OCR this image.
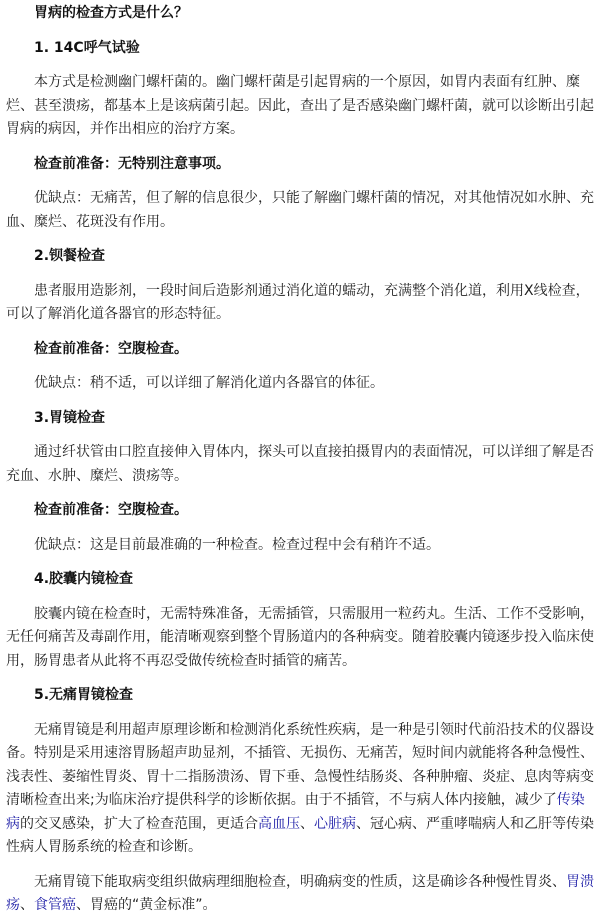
胃病的检查方式是什么？

1. 14C呼气试验

本方式是检测幽门螺杆菌的。幽门螺杆菌是引起胃病的一个原因，如胃内表面有红肿、糜烂、甚至溃疡，都基本上是该病菌引起。因此，查出了是否感染幽门螺杆菌，就可以诊断出引起胃病的病因，并作出相应的治疗方案。

检查前准备：无特别注意事项。

优缺点：无痛苦，但了解的信息很少，只能了解幽门螺杆菌的情况，对其他情况如水肿、充血、糜烂、花斑没有作用。

2.钡餐检查

患者服用造影剂，一段时间后造影剂通过消化道的蠕动，充满整个消化道，利用X线检查，可以了解消化道各器官的形态特征。

检查前准备：空腹检查。

优缺点：稍不适，可以详细了解消化道内各器官的体征。

3.胃镜检查

通过纤状管由口腔直接伸入胃体内，探头可以直接拍摄胃内的表面情况，可以详细了解是否充血、水肿、糜烂、溃疡等。

检查前准备：空腹检查。

优缺点：这是目前最准确的一种检查。检查过程中会有稍许不适。

4.胶囊内镜检查

胶囊内镜在检查时，无需特殊准备，无需插管，只需服用一粒药丸。生活、工作不受影响，无任何痛苦及毒副作用，能清晰观察到整个胃肠道内的各种病变。随着胶囊内镜逐步投入临床使用，肠胃患者从此将不再忍受做传统检查时插管的痛苦。

5.无痛胃镜检查

无痛胃镜是利用超声原理诊断和检测消化系统性疾病，是一种是引领时代前沿技术的仪器设备。特别是采用速溶胃肠超声助显剂，不插管、无损伤、无痛苦，短时间内就能将各种急慢性、浅表性、萎缩性胃炎、胃十二指肠溃汤、胃下垂、急慢性结肠炎、各种肿瘤、炎症、息肉等病变清晰检查出来;为临床治疗提供科学的诊断依据。由于不插管，不与病人体内接触，减少了传染病的交叉感染，扩大了检查范围，更适合高血压、心脏病、冠心病、严重哮喘病人和乙肝等传染性病人胃肠系统的检查和诊断。

无痛胃镜下能取病变组织做病理细胞检查，明确病变的性质，这是确诊各种慢性胃炎、胃溃疡、食管癌、胃癌的“黄金标准”。
